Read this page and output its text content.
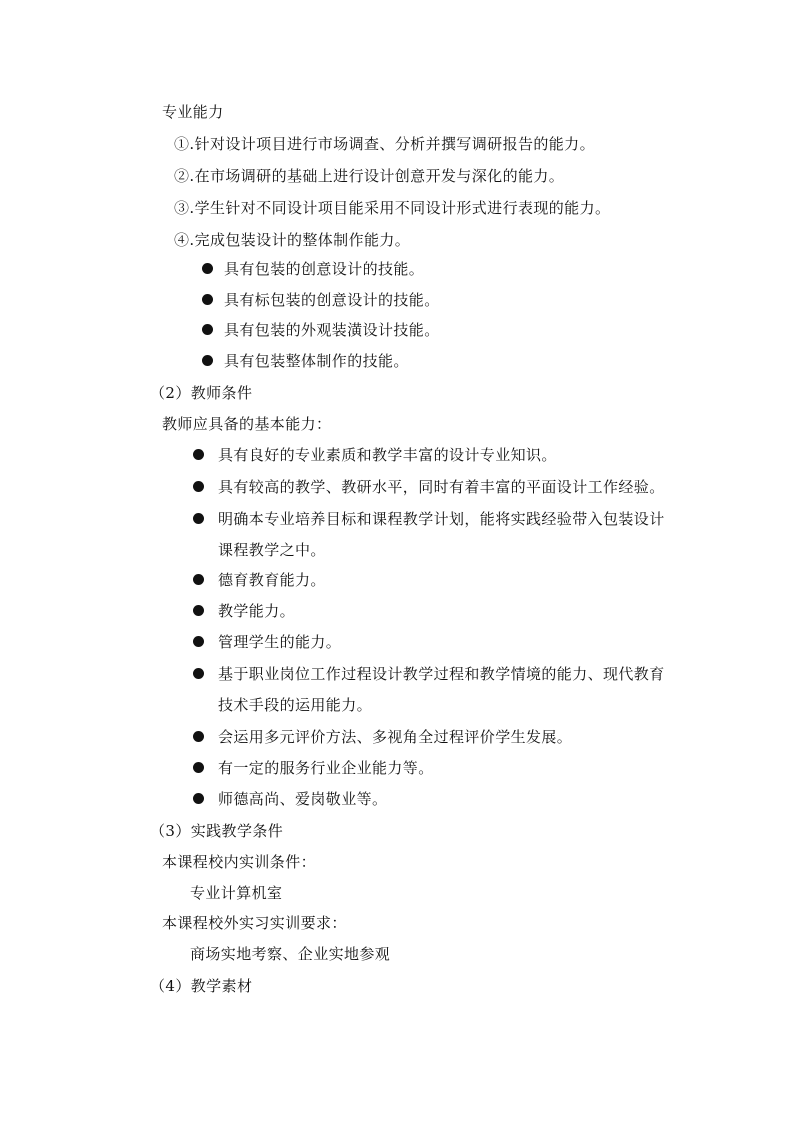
专业能力
①.针对设计项目进行市场调查、分析并撰写调研报告的能力。
②.在市场调研的基础上进行设计创意开发与深化的能力。
③.学生针对不同设计项目能采用不同设计形式进行表现的能力。
④.完成包装设计的整体制作能力。
具有包装的创意设计的技能。
具有标包装的创意设计的技能。
具有包装的外观装潢设计技能。
具有包装整体制作的技能。
（2）教师条件
教师应具备的基本能力：
具有良好的专业素质和教学丰富的设计专业知识。
具有较高的教学、教研水平，同时有着丰富的平面设计工作经验。
明确本专业培养目标和课程教学计划，能将实践经验带入包装设计
课程教学之中。
德育教育能力。
教学能力。
管理学生的能力。
基于职业岗位工作过程设计教学过程和教学情境的能力、现代教育
技术手段的运用能力。
会运用多元评价方法、多视角全过程评价学生发展。
有一定的服务行业企业能力等。
师德高尚、爱岗敬业等。
（3）实践教学条件
本课程校内实训条件：
专业计算机室
本课程校外实习实训要求：
商场实地考察、企业实地参观
（4）教学素材
